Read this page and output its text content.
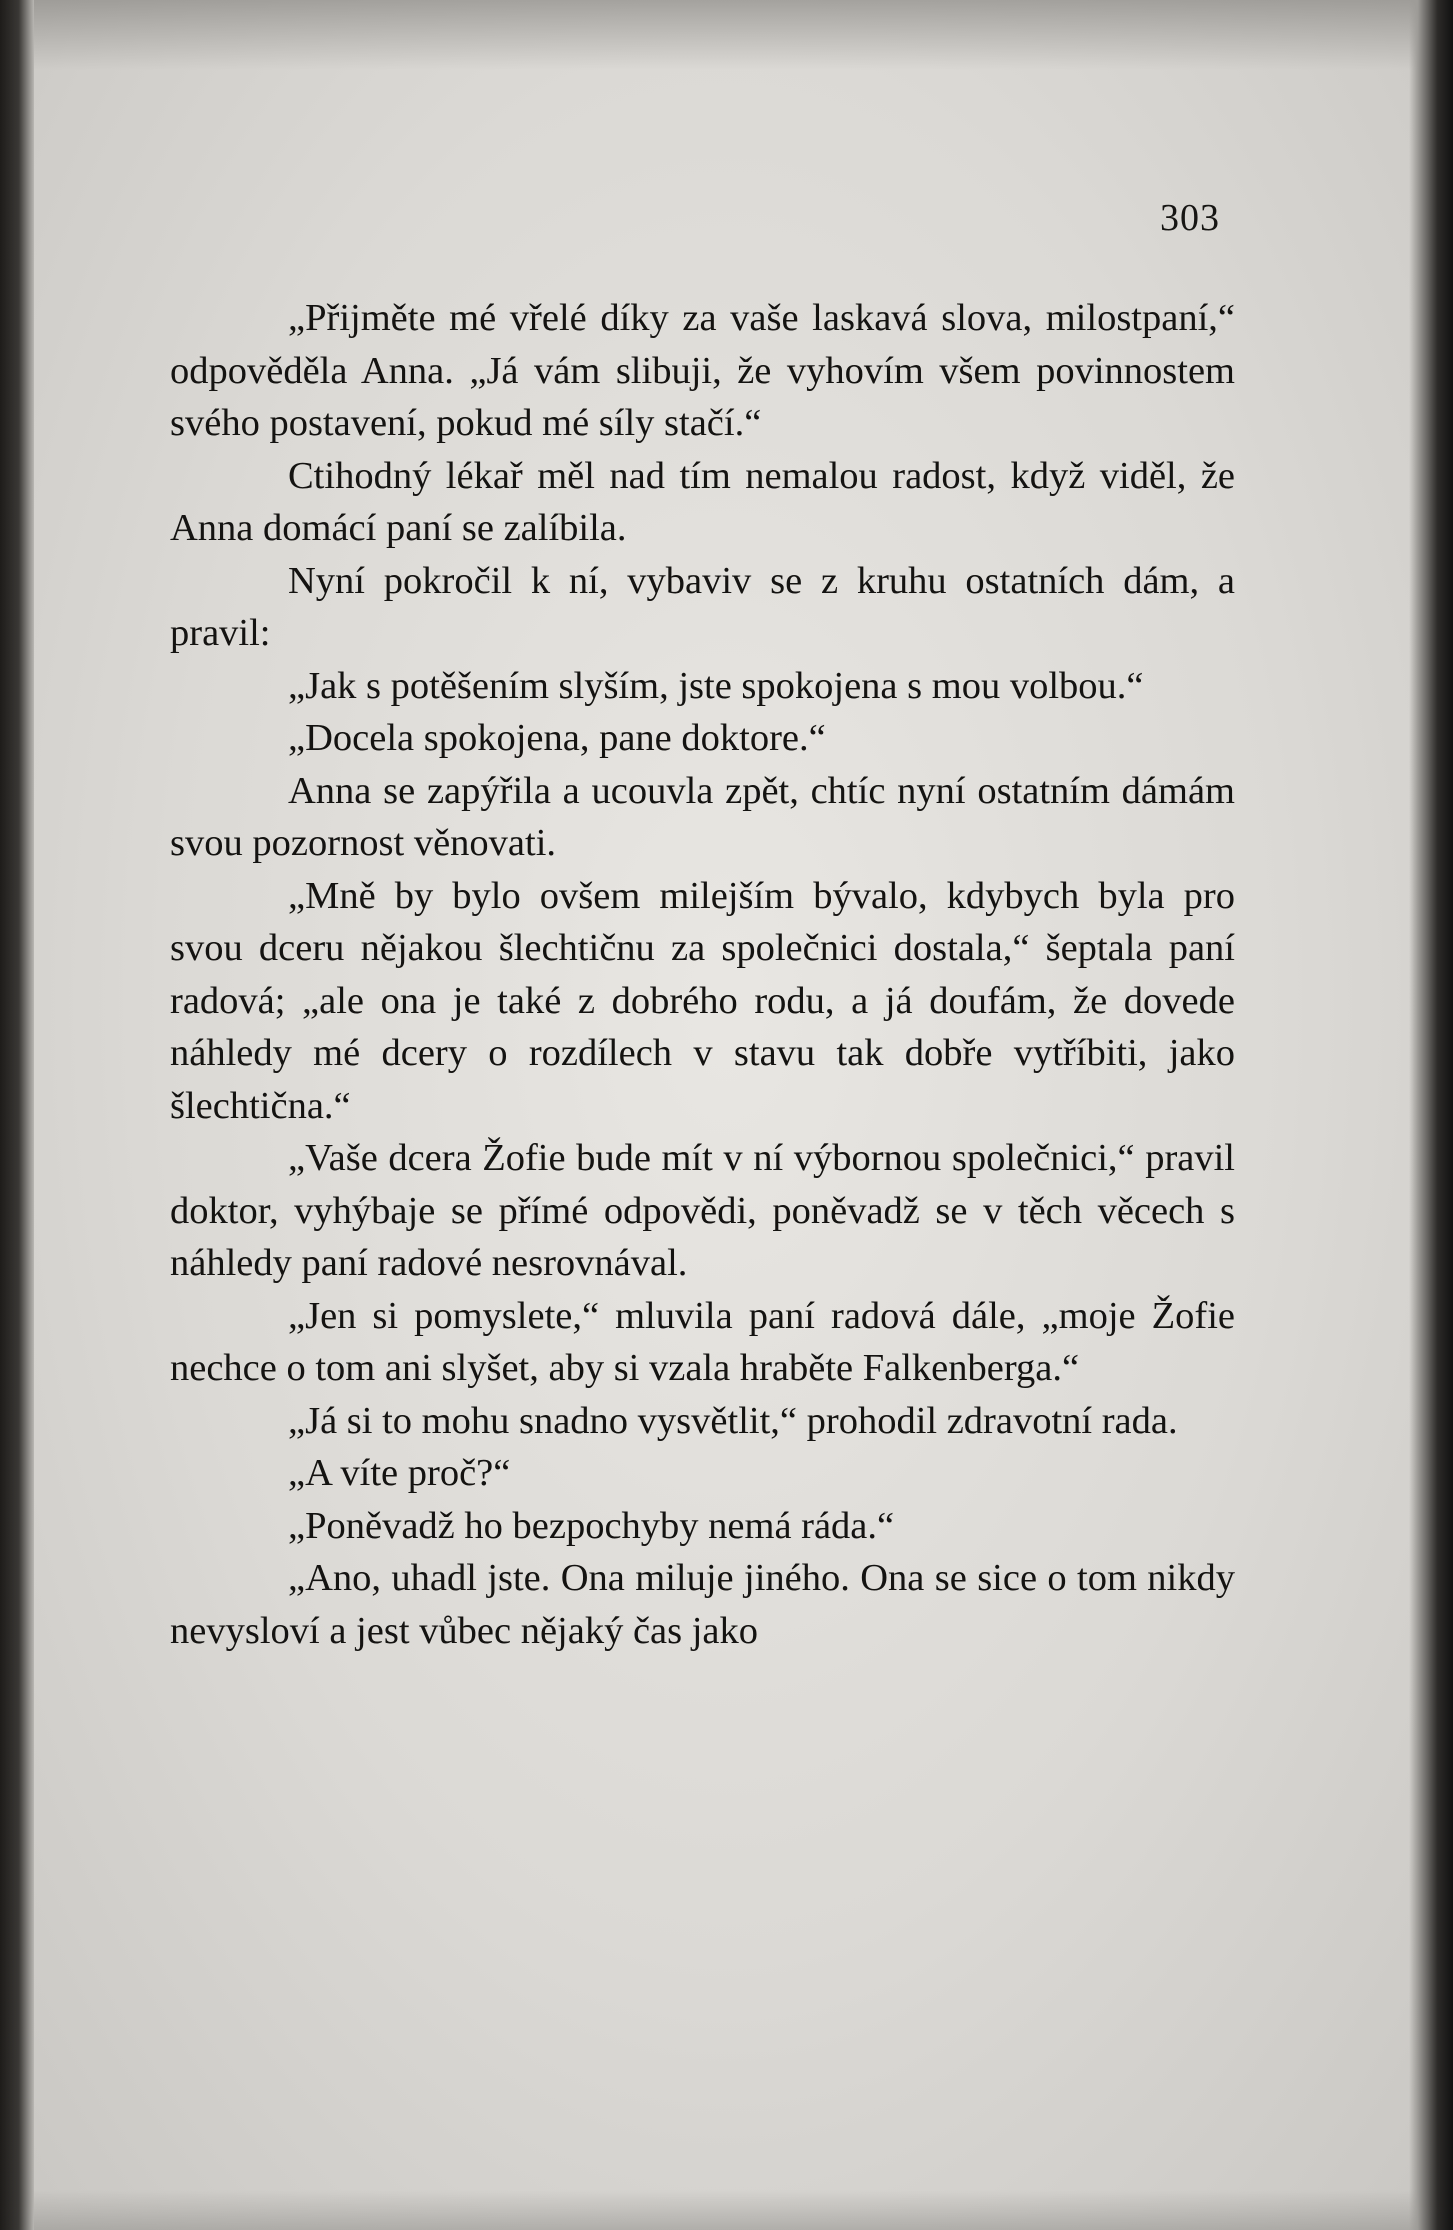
303

„Přijměte mé vřelé díky za vaše laskavá slova, milostpaní,“ odpověděla Anna. „Já vám slibuji, že vyhovím všem povinnostem svého postavení, pokud mé síly stačí.“

Ctihodný lékař měl nad tím nemalou radost, když viděl, že Anna domácí paní se zalíbila.

Nyní pokročil k ní, vybaviv se z kruhu ostatních dám, a pravil:

„Jak s potěšením slyším, jste spokojena s mou volbou.“

„Docela spokojena, pane doktore.“

Anna se zapýřila a ucouvla zpět, chtíc nyní ostatním dámám svou pozornost věnovati.

„Mně by bylo ovšem milejším bývalo, kdybych byla pro svou dceru nějakou šlechtičnu za společnici dostala,“ šeptala paní radová; „ale ona je také z dobrého rodu, a já doufám, že dovede náhledy mé dcery o rozdílech v stavu tak dobře vytříbiti, jako šlechtična.“

„Vaše dcera Žofie bude mít v ní výbornou společnici,“ pravil doktor, vyhýbaje se přímé odpovědi, poněvadž se v těch věcech s náhledy paní radové nesrovnával.

„Jen si pomyslete,“ mluvila paní radová dále, „moje Žofie nechce o tom ani slyšet, aby si vzala hraběte Falkenberga.“

„Já si to mohu snadno vysvětlit,“ prohodil zdravotní rada.

„A víte proč?“

„Poněvadž ho bezpochyby nemá ráda.“

„Ano, uhadl jste. Ona miluje jiného. Ona se sice o tom nikdy nevysloví a jest vůbec nějaký čas jako
